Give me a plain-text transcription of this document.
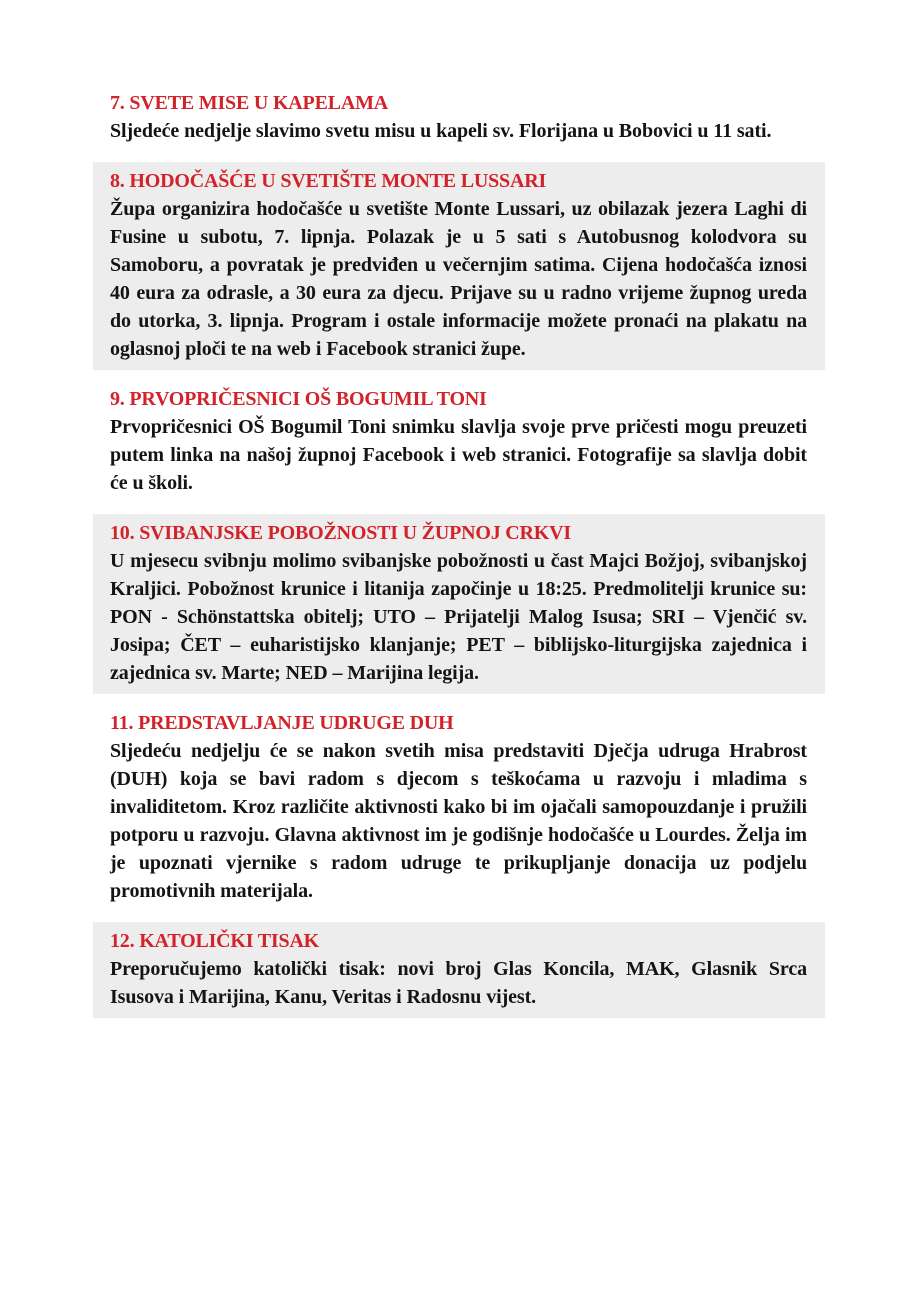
7. SVETE MISE U KAPELAMA

Sljedeće nedjelje slavimo svetu misu u kapeli sv. Florijana u Bobovici u 11 sati.

8. HODOČAŠĆE U SVETIŠTE MONTE LUSSARI

Župa organizira hodočašće u svetište Monte Lussari, uz obilazak jezera Laghi di Fusine u subotu, 7. lipnja. Polazak je u 5 sati s Autobusnog kolodvora su Samoboru, a povratak je predviđen u večernjim satima. Cijena hodočašća iznosi 40 eura za odrasle, a 30 eura za djecu. Prijave su u radno vrijeme župnog ureda do utorka, 3. lipnja. Program i ostale informacije možete pronaći na plakatu na oglasnoj ploči te na web i Facebook stranici župe.

9. PRVOPRIČESNICI OŠ BOGUMIL TONI

Prvopričesnici OŠ Bogumil Toni snimku slavlja svoje prve pričesti mogu preuzeti putem linka na našoj župnoj Facebook i web stranici. Fotografije sa slavlja dobit će u školi.

10. SVIBANJSKE POBOŽNOSTI U ŽUPNOJ CRKVI

U mjesecu svibnju molimo svibanjske pobožnosti u čast Majci Božjoj, svibanjskoj Kraljici. Pobožnost krunice i litanija započinje u 18:25. Predmolitelji krunice su: PON - Schönstattska obitelj; UTO – Prijatelji Malog Isusa; SRI – Vjenčić sv. Josipa; ČET – euharistijsko klanjanje; PET – biblijsko-liturgijska zajednica i zajednica sv. Marte; NED – Marijina legija.

11. PREDSTAVLJANJE UDRUGE DUH

Sljedeću nedjelju će se nakon svetih misa predstaviti Dječja udruga Hrabrost (DUH) koja se bavi radom s djecom s teškoćama u razvoju i mladima s invaliditetom. Kroz različite aktivnosti kako bi im ojačali samopouzdanje i pružili potporu u razvoju. Glavna aktivnost im je godišnje hodočašće u Lourdes. Želja im je upoznati vjernike s radom udruge te prikupljanje donacija uz podjelu promotivnih materijala.

12. KATOLIČKI TISAK

Preporučujemo katolički tisak: novi broj Glas Koncila, MAK, Glasnik Srca Isusova i Marijina, Kanu, Veritas i Radosnu vijest.
